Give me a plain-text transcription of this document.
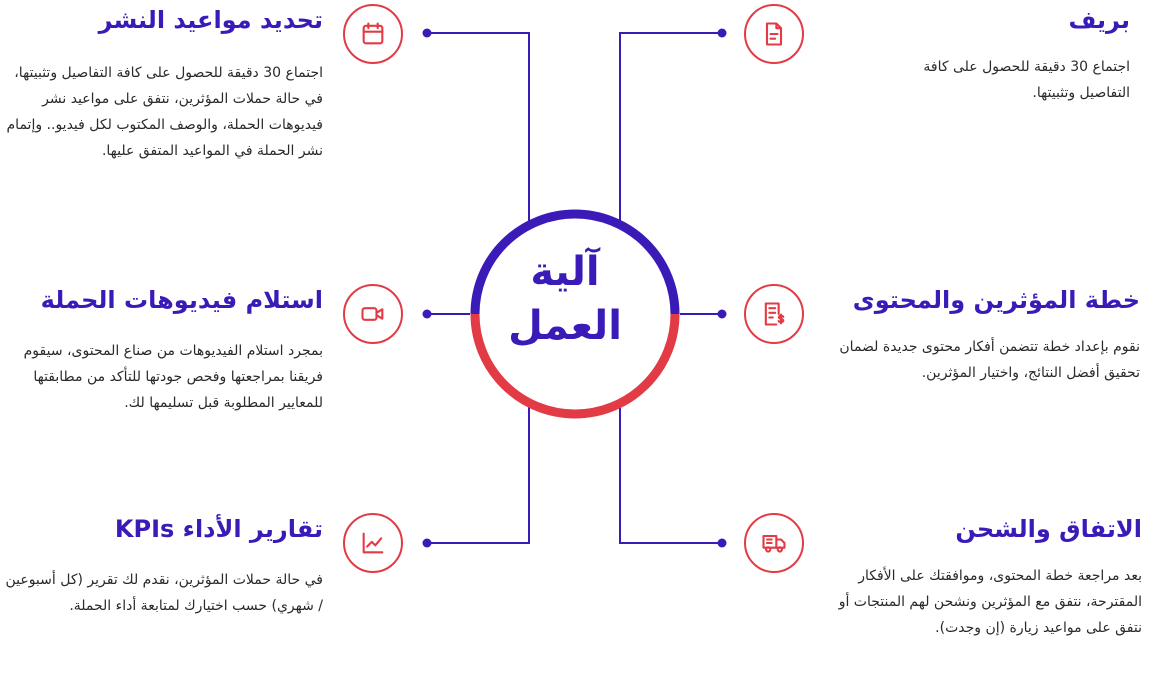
آلية
العمل
بريف

اجتماع 30 دقيقة للحصول على كافة التفاصيل وتثبيتها.

خطة المؤثرين والمحتوى

نقوم بإعداد خطة تتضمن أفكار محتوى جديدة لضمان تحقيق أفضل النتائج، واختيار المؤثرين.

الاتفاق والشحن

بعد مراجعة خطة المحتوى، وموافقتك على الأفكار المقترحة، نتفق مع المؤثرين ونشحن لهم المنتجات أو نتفق على مواعيد زيارة (إن وجدت).

تحديد مواعيد النشر

اجتماع 30 دقيقة للحصول على كافة التفاصيل وتثبيتها، في حالة حملات المؤثرين، نتفق على مواعيد نشر فيديوهات الحملة، والوصف المكتوب لكل فيديو.. وإتمام نشر الحملة في المواعيد المتفق عليها.

استلام فيديوهات الحملة

بمجرد استلام الفيديوهات من صناع المحتوى، سيقوم فريقنا بمراجعتها وفحص جودتها للتأكد من مطابقتها للمعايير المطلوبة قبل تسليمها لك.

تقارير الأداء KPIs

في حالة حملات المؤثرين، نقدم لك تقرير (كل أسبوعين / شهري) حسب اختيارك لمتابعة أداء الحملة.
